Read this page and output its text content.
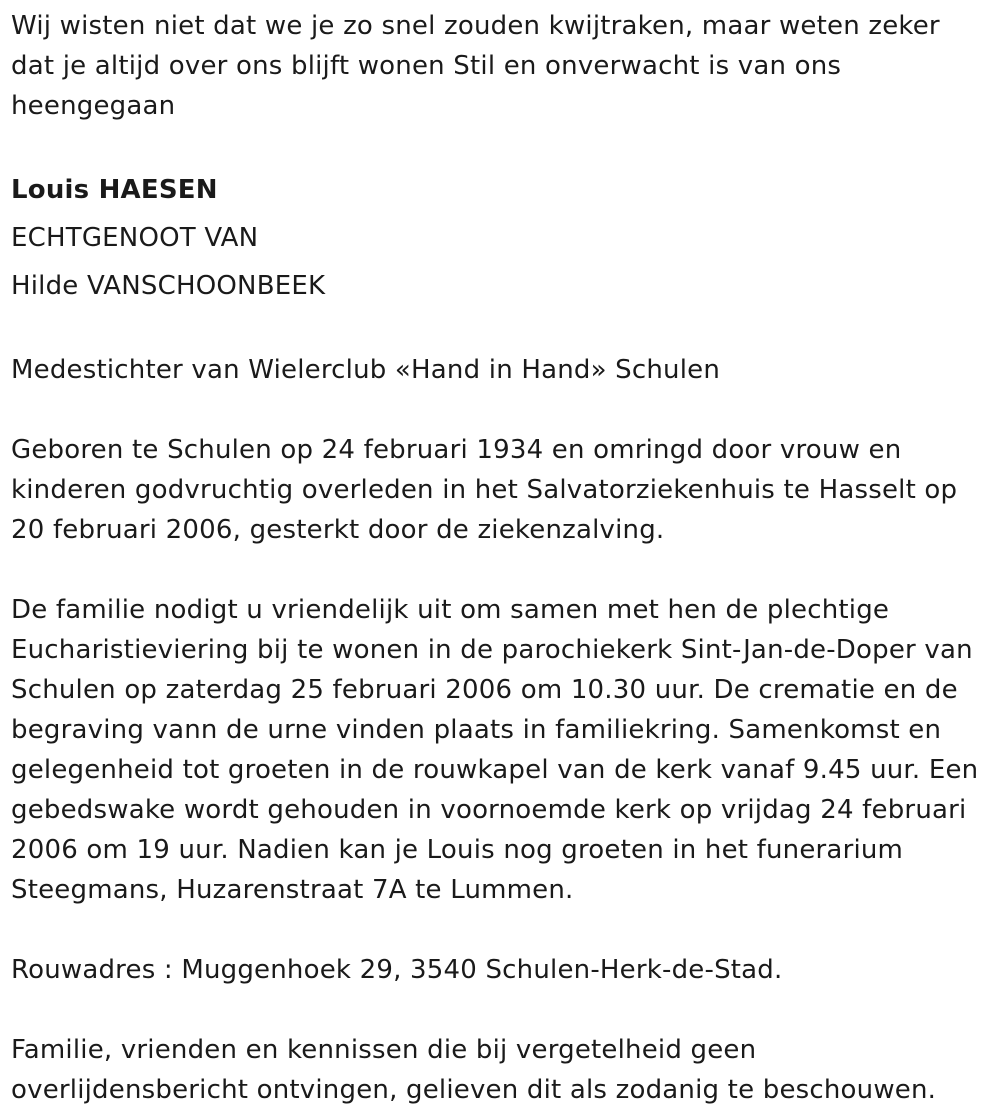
Wij wisten niet dat we je zo snel zouden kwijtraken, maar weten zeker dat je altijd over ons blijft wonen Stil en onverwacht is van ons heengegaan

Louis HAESEN

ECHTGENOOT VAN

Hilde VANSCHOONBEEK

Medestichter van Wielerclub «Hand in Hand» Schulen

Geboren te Schulen op 24 februari 1934 en omringd door vrouw en kinderen godvruchtig overleden in het Salvatorziekenhuis te Hasselt op 20 februari 2006, gesterkt door de ziekenzalving.

De familie nodigt u vriendelijk uit om samen met hen de plechtige Eucharistieviering bij te wonen in de parochiekerk Sint-Jan-de-Doper van Schulen op zaterdag 25 februari 2006 om 10.30 uur. De crematie en de begraving vann de urne vinden plaats in familiekring. Samenkomst en gelegenheid tot groeten in de rouwkapel van de kerk vanaf 9.45 uur. Een gebedswake wordt gehouden in voornoemde kerk op vrijdag 24 februari 2006 om 19 uur. Nadien kan je Louis nog groeten in het funerarium Steegmans, Huzarenstraat 7A te Lummen.

Rouwadres : Muggenhoek 29, 3540 Schulen-Herk-de-Stad.

Familie, vrienden en kennissen die bij vergetelheid geen overlijdensbericht ontvingen, gelieven dit als zodanig te beschouwen.
